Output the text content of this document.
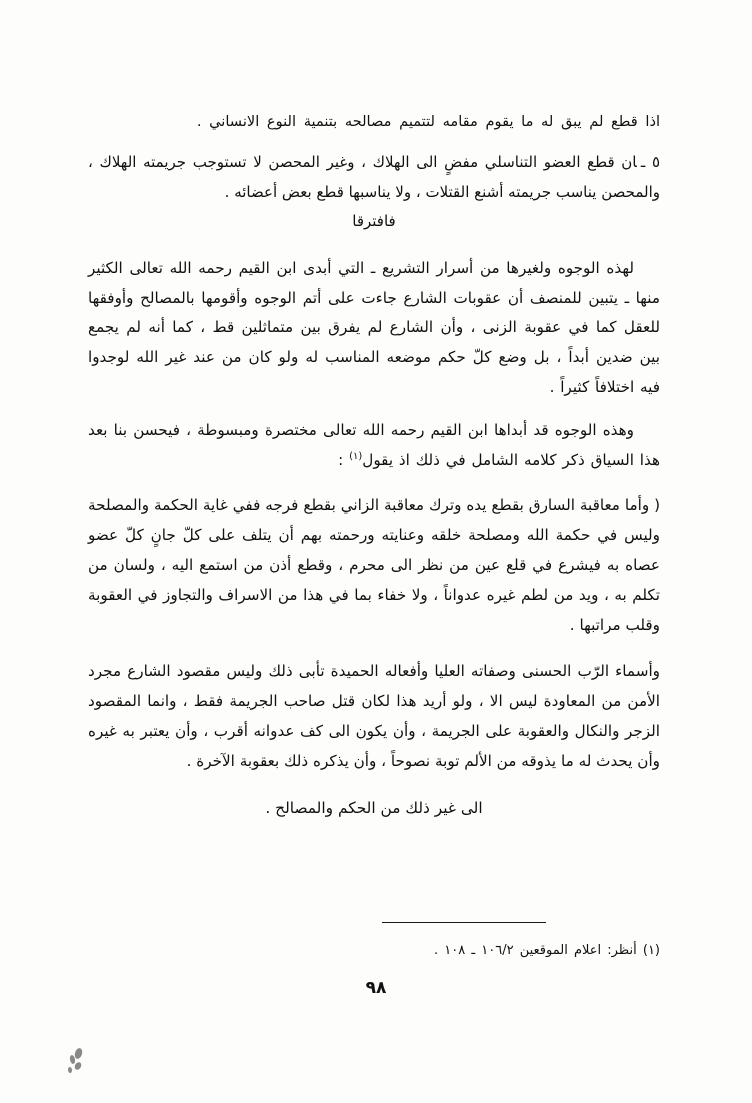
اذا قطع لم يبق له ما يقوم مقامه لتتميم مصالحه بتنمية النوع الانساني .

٥ ـان قطع العضو التناسلي مفضٍ الى الهلاك ، وغير المحصن لا تستوجب جريمته الهلاك ، والمحصن يناسب جريمته أشنع القتلات ، ولا يناسبها قطع بعض أعضائه .
فافترقا

لهذه الوجوه ولغيرها من أسرار التشريع ـ التي أبدى ابن القيم رحمه الله تعالى الكثير منها ـ يتبين للمنصف أن عقوبات الشارع جاءت على أتم الوجوه وأقومها بالمصالح وأوفقها للعقل كما في عقوبة الزنى ، وأن الشارع لم يفرق بين متماثلين قط ، كما أنه لم يجمع بين ضدين أبداً ، بل وضع كلّ حكم موضعه المناسب له ولو كان من عند غير الله لوجدوا فيه اختلافاً كثيراً .

وهذه الوجوه قد أبداها ابن القيم رحمه الله تعالى مختصرة ومبسوطة ، فيحسن بنا بعد هذا السياق ذكر كلامه الشامل في ذلك اذ يقول$^{(١)}$ :

( وأما معاقبة السارق بقطع يده وترك معاقبة الزاني بقطع فرجه ففي غاية الحكمة والمصلحة وليس في حكمة الله ومصلحة خلقه وعنايته ورحمته بهم أن يتلف على كلّ جانٍ كلّ عضو عصاه به فيشرع في قلع عين من نظر الى محرم ، وقطع أذن من استمع اليه ، ولسان من تكلم به ، ويد من لطم غيره عدواناً ، ولا خفاء بما في هذا من الاسراف والتجاوز في العقوبة وقلب مراتبها .

وأسماء الرّب الحسنى وصفاته العليا وأفعاله الحميدة تأبى ذلك وليس مقصود الشارع مجرد الأمن من المعاودة ليس الا ، ولو أريد هذا لكان قتل صاحب الجريمة فقط ، وانما المقصود الزجر والنكال والعقوبة على الجريمة ، وأن يكون الى كف عدوانه أقرب ، وأن يعتبر به غيره وأن يحدث له ما يذوقه من الألم توبة نصوحاً ، وأن يذكره ذلك بعقوبة الآخرة .

الى غير ذلك من الحكم والمصالح .

(١) أنظر: اعلام الموقعين ١٠٦/٢ ـ ١٠٨ .
٩٨
